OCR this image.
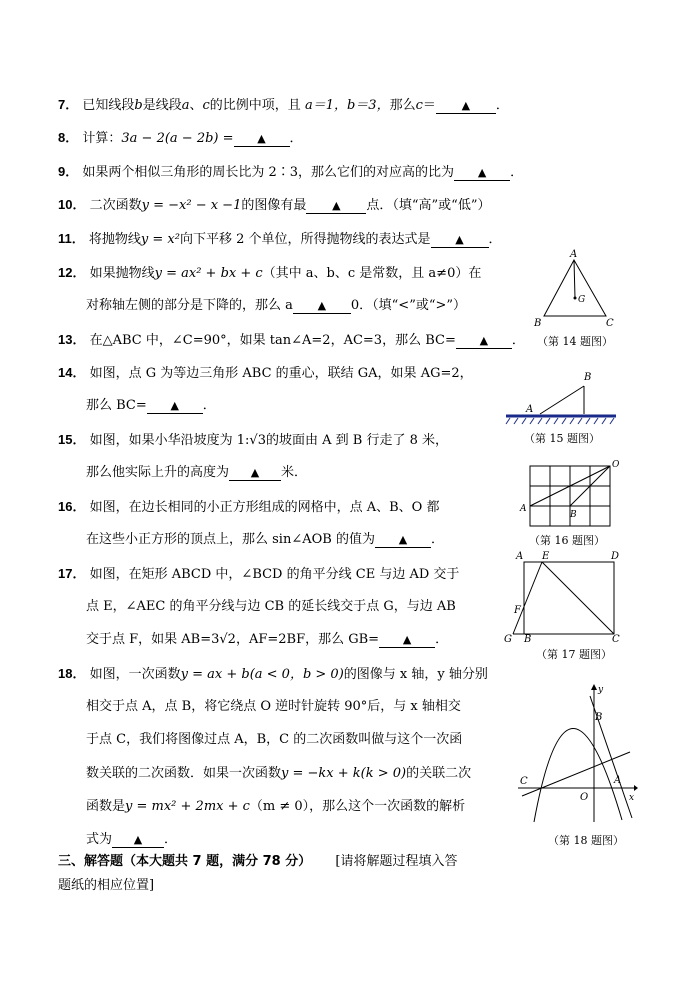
7． 已知线段b是线段a、c的比例中项，且 a＝1，b＝3，那么c＝ ▲ ．
8． 计算：3a − 2(a − 2b) = ▲ ．
9． 如果两个相似三角形的周长比为 2∶3，那么它们的对应高的比为 ▲ ．
10． 二次函数y = −x² − x −1的图像有最 ▲ 点．（填“高”或“低”）
11． 将抛物线y = x²向下平移 2 个单位，所得抛物线的表达式是 ▲ ．
12． 如果抛物线y = ax² + bx + c（其中 a、b、c 是常数，且 a≠0）在
对称轴左侧的部分是下降的，那么 a ▲ 0．（填“<”或“>”）
13． 在△ABC 中，∠C=90°，如果 tan∠A=2，AC=3，那么 BC= ▲ ．
14． 如图，点 G 为等边三角形 ABC 的重心，联结 GA，如果 AG=2，
那么 BC= ▲ ．
15． 如图，如果小华沿坡度为 1:√3的坡面由 A 到 B 行走了 8 米，
那么他实际上升的高度为 ▲ 米．
16． 如图，在边长相同的小正方形组成的网格中，点 A、B、O 都
在这些小正方形的顶点上，那么 sin∠AOB 的值为 ▲ ．
17． 如图，在矩形 ABCD 中，∠BCD 的角平分线 CE 与边 AD 交于
点 E，∠AEC 的角平分线与边 CB 的延长线交于点 G，与边 AB
交于点 F，如果 AB=3√2，AF=2BF，那么 GB= ▲ ．
18． 如图，一次函数y = ax + b(a < 0，b > 0)的图像与 x 轴，y 轴分别
相交于点 A，点 B，将它绕点 O 逆时针旋转 90°后，与 x 轴相交
于点 C，我们将图像过点 A，B，C 的二次函数叫做与这个一次函
数关联的二次函数．如果一次函数y = −kx + k(k > 0)的关联二次
函数是y = mx² + 2mx + c（m ≠ 0），那么这个一次函数的解析
式为 ▲ ．
三、解答题（本大题共 7 题，满分 78 分） [请将解题过程填入答
题纸的相应位置]
A
B	C
G
（第 14 题图）
A
B
（第 15 题图）
A
B
O
（第 16 题图）
A E	D
F
G B	C
（第 17 题图）
C
O
A
B
y
x
（第 18 题图）
